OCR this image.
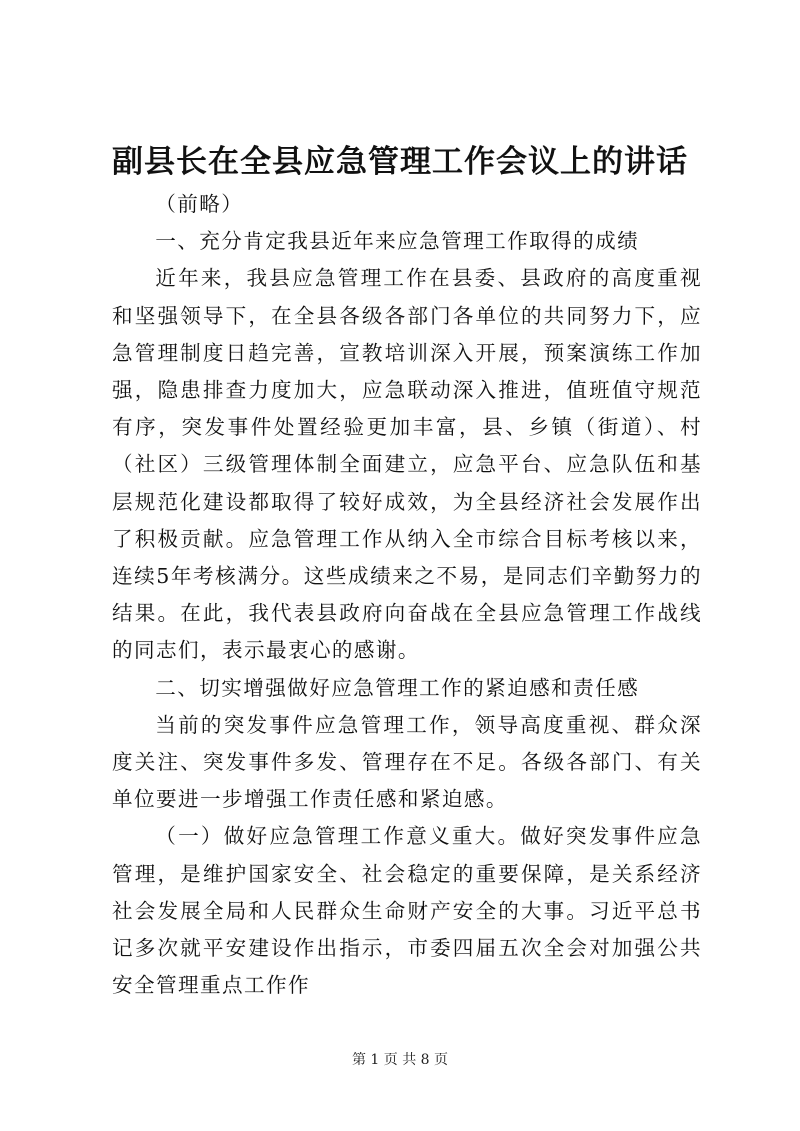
副县长在全县应急管理工作会议上的讲话

（前略）

一、充分肯定我县近年来应急管理工作取得的成绩

近年来，我县应急管理工作在县委、县政府的高度重视和坚强领导下，在全县各级各部门各单位的共同努力下，应急管理制度日趋完善，宣教培训深入开展，预案演练工作加强，隐患排查力度加大，应急联动深入推进，值班值守规范有序，突发事件处置经验更加丰富，县、乡镇（街道）、村（社区）三级管理体制全面建立，应急平台、应急队伍和基层规范化建设都取得了较好成效，为全县经济社会发展作出了积极贡献。应急管理工作从纳入全市综合目标考核以来，连续5年考核满分。这些成绩来之不易，是同志们辛勤努力的结果。在此，我代表县政府向奋战在全县应急管理工作战线的同志们，表示最衷心的感谢。

二、切实增强做好应急管理工作的紧迫感和责任感

当前的突发事件应急管理工作，领导高度重视、群众深度关注、突发事件多发、管理存在不足。各级各部门、有关单位要进一步增强工作责任感和紧迫感。

（一）做好应急管理工作意义重大。做好突发事件应急管理，是维护国家安全、社会稳定的重要保障，是关系经济社会发展全局和人民群众生命财产安全的大事。习近平总书记多次就平安建设作出指示，市委四届五次全会对加强公共安全管理重点工作作

第 1 页 共 8 页
